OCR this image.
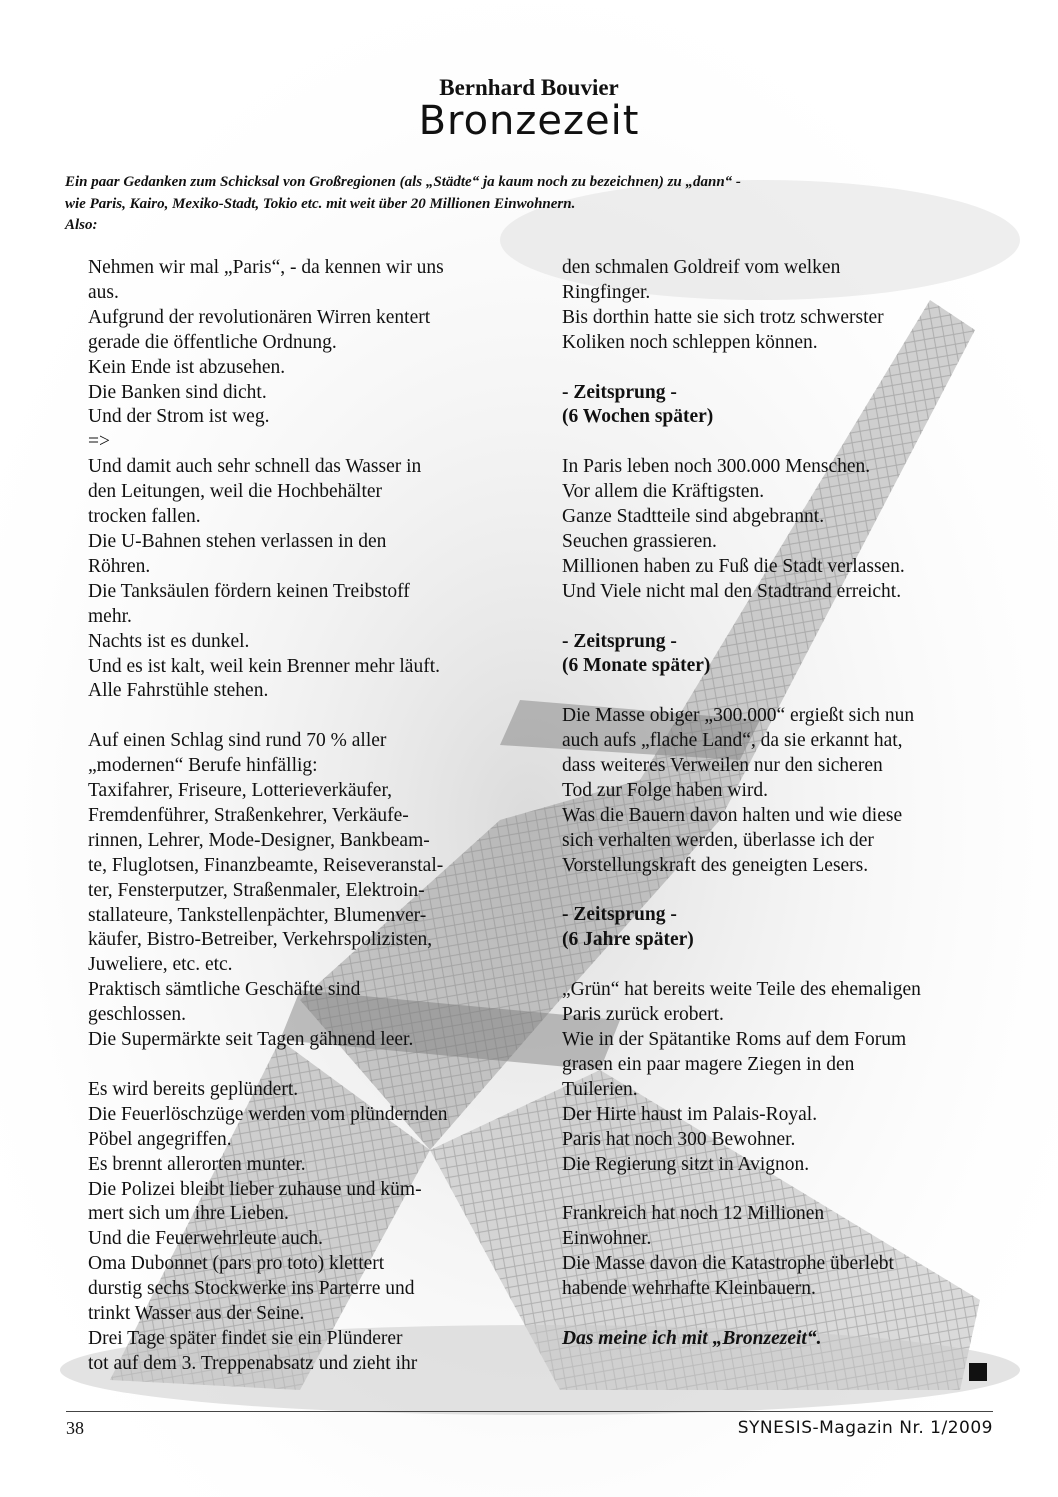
Bernhard Bouvier
Bronzezeit
Ein paar Gedanken zum Schicksal von Großregionen (als „Städte“ ja kaum noch zu bezeichnen) zu „dann“ -
wie Paris, Kairo, Mexiko-Stadt, Tokio etc. mit weit über 20 Millionen Einwohnern.
Also:

Nehmen wir mal „Paris“, - da kennen wir uns
aus.
Aufgrund der revolutionären Wirren kentert
gerade die öffentliche Ordnung.
Kein Ende ist abzusehen.
Die Banken sind dicht.
Und der Strom ist weg.
=>
Und damit auch sehr schnell das Wasser in
den Leitungen, weil die Hochbehälter
trocken fallen.
Die U-Bahnen stehen verlassen in den
Röhren.
Die Tanksäulen fördern keinen Treibstoff
mehr.
Nachts ist es dunkel.
Und es ist kalt, weil kein Brenner mehr läuft.
Alle Fahrstühle stehen.

Auf einen Schlag sind rund 70 % aller
„modernen“ Berufe hinfällig:
Taxifahrer, Friseure, Lotterieverkäufer,
Fremdenführer, Straßenkehrer, Verkäufe-
rinnen, Lehrer, Mode-Designer, Bankbeam-
te, Fluglotsen, Finanzbeamte, Reiseveranstal-
ter, Fensterputzer, Straßenmaler, Elektroin-
stallateure, Tankstellenpächter, Blumenver-
käufer, Bistro-Betreiber, Verkehrspolizisten,
Juweliere, etc. etc.
Praktisch sämtliche Geschäfte sind
geschlossen.
Die Supermärkte seit Tagen gähnend leer.

Es wird bereits geplündert.
Die Feuerlöschzüge werden vom plündernden
Pöbel angegriffen.
Es brennt allerorten munter.
Die Polizei bleibt lieber zuhause und küm-
mert sich um ihre Lieben.
Und die Feuerwehrleute auch.
Oma Dubonnet (pars pro toto) klettert
durstig sechs Stockwerke ins Parterre und
trinkt Wasser aus der Seine.
Drei Tage später findet sie ein Plünderer
tot auf dem 3. Treppenabsatz und zieht ihr

den schmalen Goldreif vom welken
Ringfinger.
Bis dorthin hatte sie sich trotz schwerster
Koliken noch schleppen können.

- Zeitsprung -
(6 Wochen später)

In Paris leben noch 300.000 Menschen.
Vor allem die Kräftigsten.
Ganze Stadtteile sind abgebrannt.
Seuchen grassieren.
Millionen haben zu Fuß die Stadt verlassen.
Und Viele nicht mal den Stadtrand erreicht.

- Zeitsprung -
(6 Monate später)

Die Masse obiger „300.000“ ergießt sich nun
auch aufs „flache Land“, da sie erkannt hat,
dass weiteres Verweilen nur den sicheren
Tod zur Folge haben wird.
Was die Bauern davon halten und wie diese
sich verhalten werden, überlasse ich der
Vorstellungskraft des geneigten Lesers.

- Zeitsprung -
(6 Jahre später)

„Grün“ hat bereits weite Teile des ehemaligen
Paris zurück erobert.
Wie in der Spätantike Roms auf dem Forum
grasen ein paar magere Ziegen in den
Tuilerien.
Der Hirte haust im Palais-Royal.
Paris hat noch 300 Bewohner.
Die Regierung sitzt in Avignon.

Frankreich hat noch 12 Millionen
Einwohner.
Die Masse davon die Katastrophe überlebt
habende wehrhafte Kleinbauern.

Das meine ich mit „Bronzezeit“.

38	SYNESIS-Magazin Nr. 1/2009
